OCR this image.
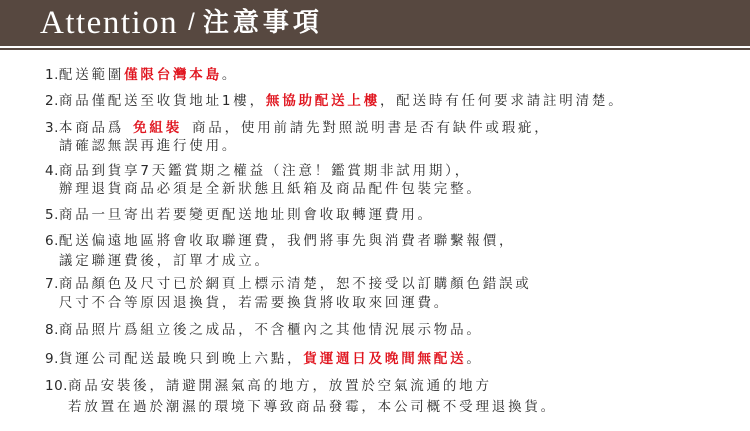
Attention / 注意事項
1. 配送範圍僅限台灣本島。
2. 商品僅配送至收貨地址1樓，無協助配送上樓，配送時有任何要求請註明清楚。
3. 本商品爲 免組裝 商品，使用前請先對照説明書是否有缺件或瑕疵，
請確認無誤再進行使用。
4. 商品到貨享7天鑑賞期之權益（注意！鑑賞期非試用期），
辦理退貨商品必須是全新狀態且紙箱及商品配件包裝完整。
5. 商品一旦寄出若要變更配送地址則會收取轉運費用。
6. 配送偏遠地區將會收取聯運費，我們將事先與消費者聯繫報價，
議定聯運費後，訂單才成立。
7. 商品顏色及尺寸已於網頁上標示清楚，恕不接受以訂購顏色錯誤或
尺寸不合等原因退換貨，若需要換貨將收取來回運費。
8. 商品照片爲組立後之成品，不含櫃內之其他情況展示物品。
9. 貨運公司配送最晚只到晚上六點，貨運週日及晚間無配送。
10. 商品安裝後，請避開濕氣高的地方，放置於空氣流通的地方
若放置在過於潮濕的環境下導致商品發霉，本公司概不受理退換貨。
